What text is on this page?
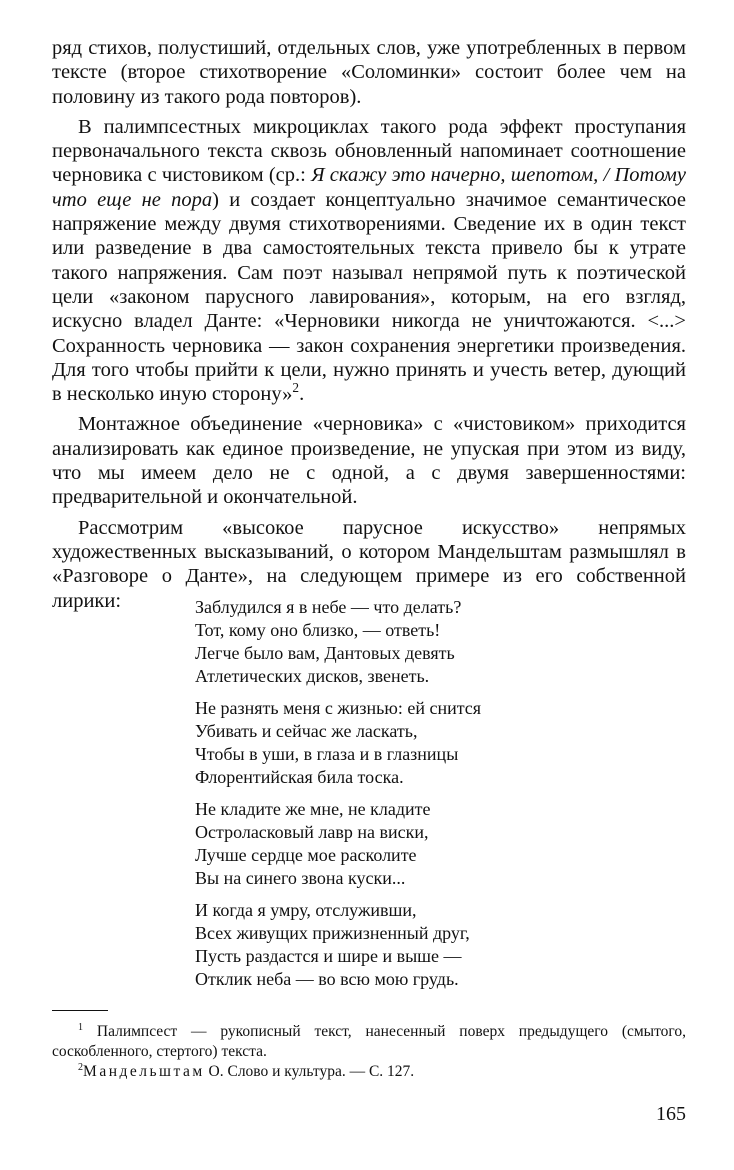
ряд стихов, полустиший, отдельных слов, уже употребленных в первом тексте (второе стихотворение «Соломинки» состоит более чем на половину из такого рода повторов).

В палимпсестных микроциклах такого рода эффект проступания первоначального текста сквозь обновленный напоминает соотношение черновика с чистовиком (ср.: Я скажу это начерно, шепотом, / Потому что еще не пора) и создает концептуально значимое семантическое напряжение между двумя стихотворениями. Сведение их в один текст или разведение в два самостоятельных текста привело бы к утрате такого напряжения. Сам поэт называл непрямой путь к поэтической цели «законом парусного лавирования», которым, на его взгляд, искусно владел Данте: «Черновики никогда не уничтожаются. <...> Сохранность черновика — закон сохранения энергетики произведения. Для того чтобы прийти к цели, нужно принять и учесть ветер, дующий в несколько иную сторону»$^2$.

Монтажное объединение «черновика» с «чистовиком» приходится анализировать как единое произведение, не упуская при этом из виду, что мы имеем дело не с одной, а с двумя завершенностями: предварительной и окончательной.

Рассмотрим «высокое парусное искусство» непрямых художественных высказываний, о котором Мандельштам размышлял в «Разговоре о Данте», на следующем примере из его собственной лирики:	Заблудился я в небе — что делать?
Тот, кому оно близко, — ответь!
Легче было вам, Дантовых девять
Атлетических дисков, звенеть.
Не разнять меня с жизнью: ей снится
Убивать и сейчас же ласкать,
Чтобы в уши, в глаза и в глазницы
Флорентийская била тоска.
Не кладите же мне, не кладите
Остроласковый лавр на виски,
Лучше сердце мое расколите
Вы на синего звона куски...
И когда я умру, отслуживши,
Всех живущих прижизненный друг,
Пусть раздастся и шире и выше —
Отклик неба — во всю мою грудь.

$^1$ Палимпсест — рукописный текст, нанесенный поверх предыдущего (смытого, соскобленного, стертого) текста.

$^2$Мандельштам О. Слово и культура. — С. 127.

165
